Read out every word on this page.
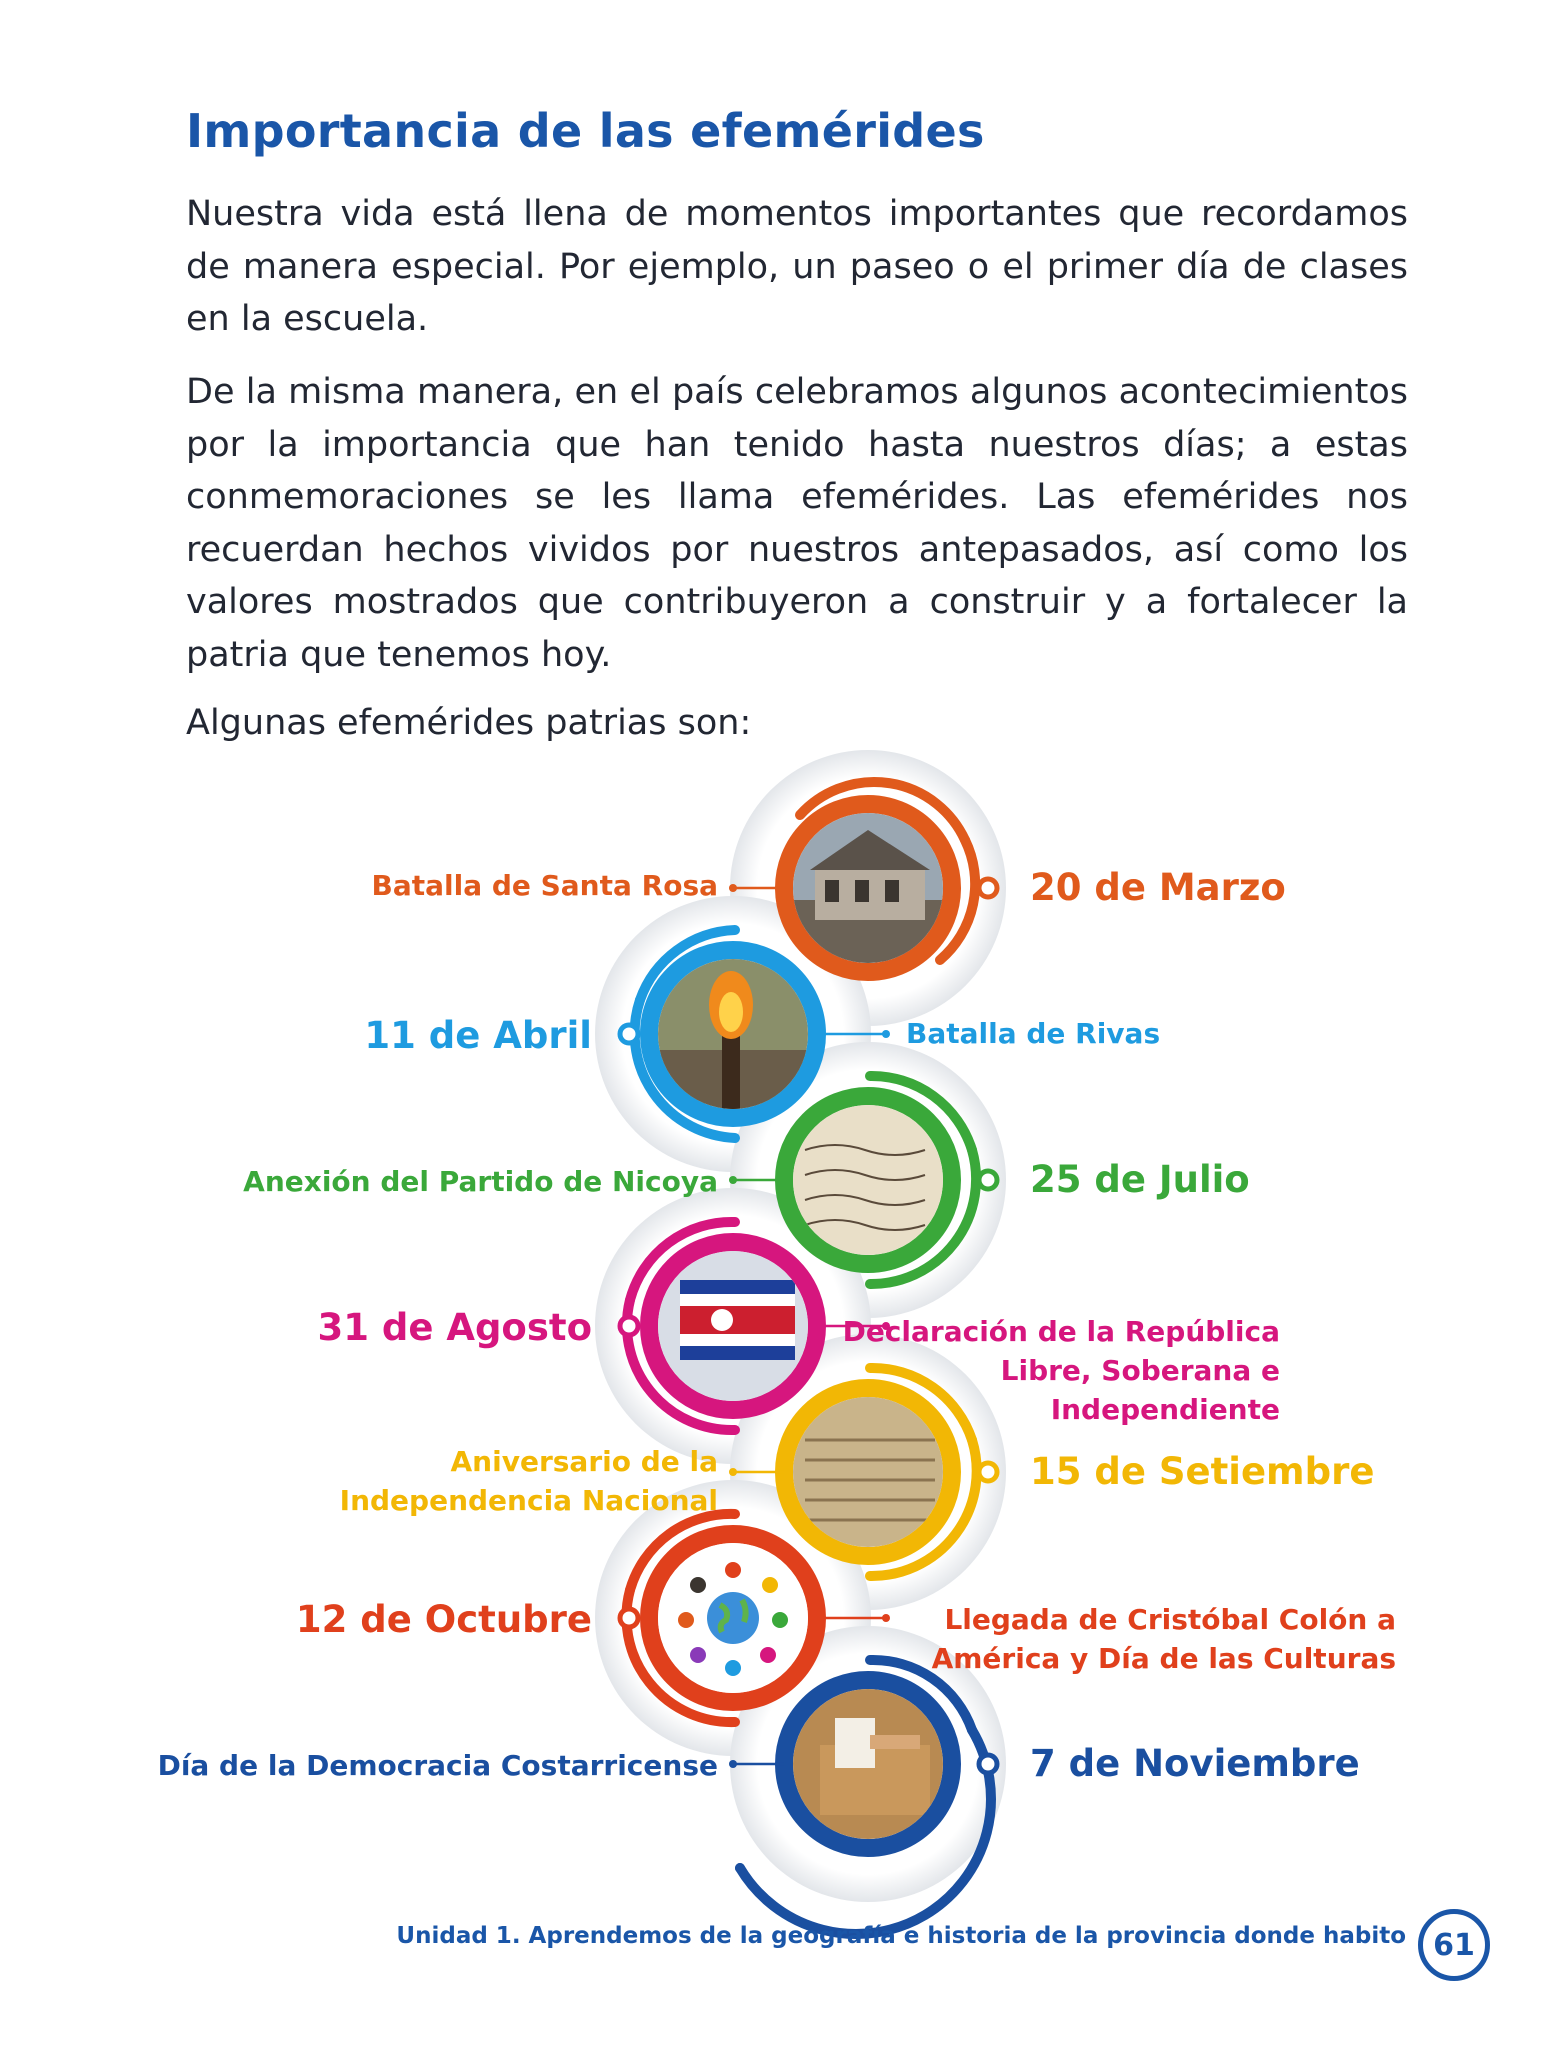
Importancia de las efemérides

Nuestra vida está llena de momentos importantes que recordamos de manera especial. Por ejemplo, un paseo o el primer día de clases en la escuela.

De la misma manera, en el país celebramos algunos acontecimientos por la importancia que han tenido hasta nuestros días; a estas conmemoraciones se les llama efemérides. Las efemérides nos recuerdan hechos vividos por nuestros antepasados, así como los valores mostrados que contribuyeron a construir y a fortalecer la patria que tenemos hoy.

Algunas efemérides patrias son:

Batalla de Santa Rosa

11 de Abril

Anexión del Partido de Nicoya

31 de Agosto

Aniversario de la
Independencia Nacional

12 de Octubre

Día de la Democracia Costarricense

20 de Marzo

Batalla de Rivas

25 de Julio

Declaración de la República
Libre, Soberana e
Independiente

15 de Setiembre

Llegada de Cristóbal Colón a
América y Día de las Culturas

7 de Noviembre

Unidad 1. Aprendemos de la geografía e historia de la provincia donde habito 61
